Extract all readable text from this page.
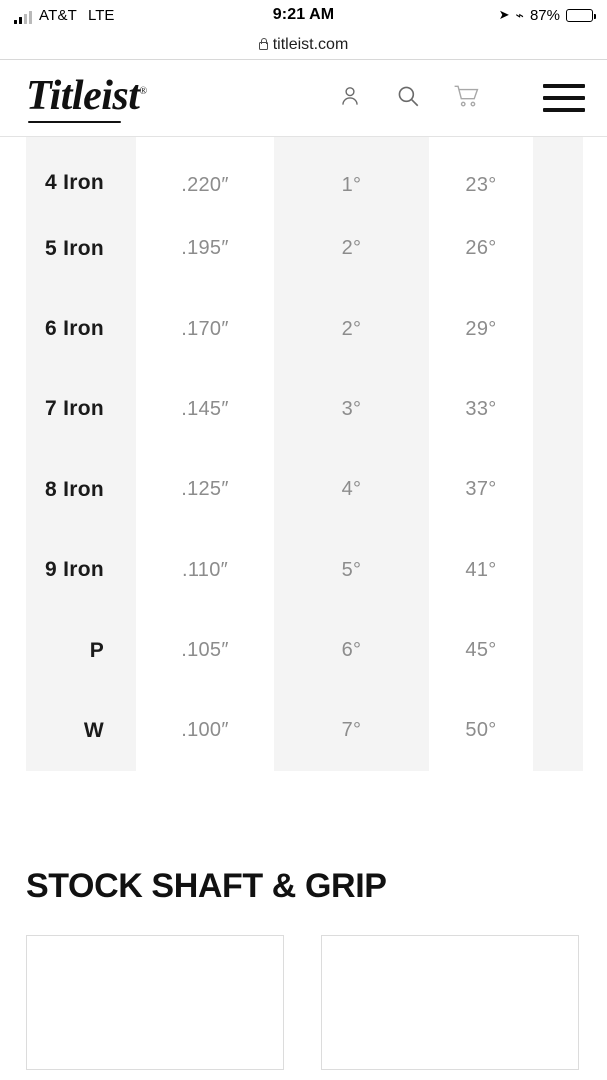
AT&T LTE	9:21 AM	➤ ⌁ 87%
titleist.com
Titleist®
4 Iron
5 Iron
6 Iron
7 Iron
8 Iron
9 Iron
P
W
.220″
.195″
.170″
.145″
.125″
.110″
.105″
.100″
1°
2°
2°
3°
4°
5°
6°
7°
23°
26°
29°
33°
37°
41°
45°
50°
STOCK SHAFT & GRIP
